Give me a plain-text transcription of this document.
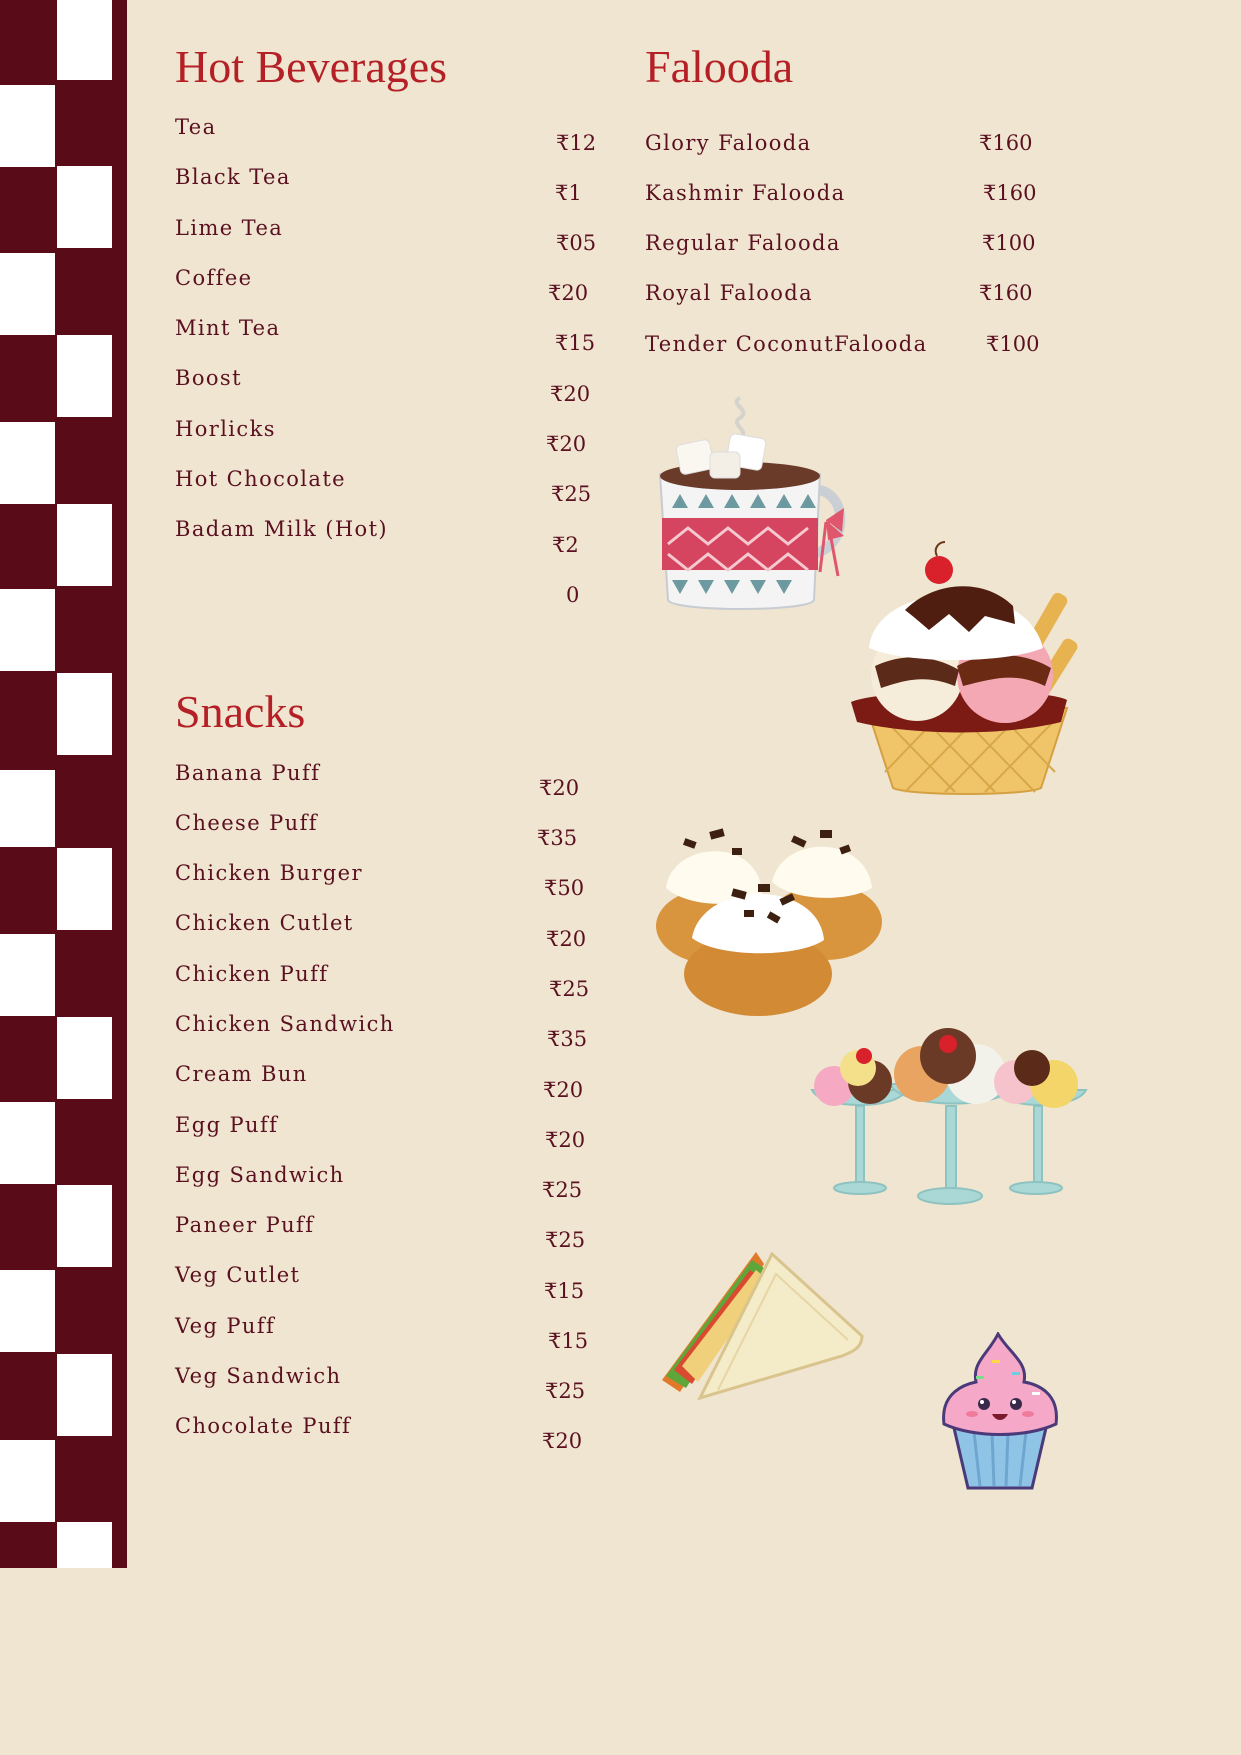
Hot Beverages
Tea
Black Tea
Lime Tea
Coffee
Mint Tea
Boost
Horlicks
Hot Chocolate
Badam Milk (Hot)
₹12
₹1
₹05
₹20
₹15
₹20
₹20
₹25
₹2
0
Falooda
Glory Falooda
Kashmir Falooda
Regular Falooda
Royal Falooda
Tender CoconutFalooda
₹160
₹160
₹100
₹160
₹100
Snacks
Banana Puff
Cheese Puff
Chicken Burger
Chicken Cutlet
Chicken Puff
Chicken Sandwich
Cream Bun
Egg Puff
Egg Sandwich
Paneer Puff
Veg Cutlet
Veg Puff
Veg Sandwich
Chocolate Puff
₹20
₹35
₹50
₹20
₹25
₹35
₹20
₹20
₹25
₹25
₹15
₹15
₹25
₹20
